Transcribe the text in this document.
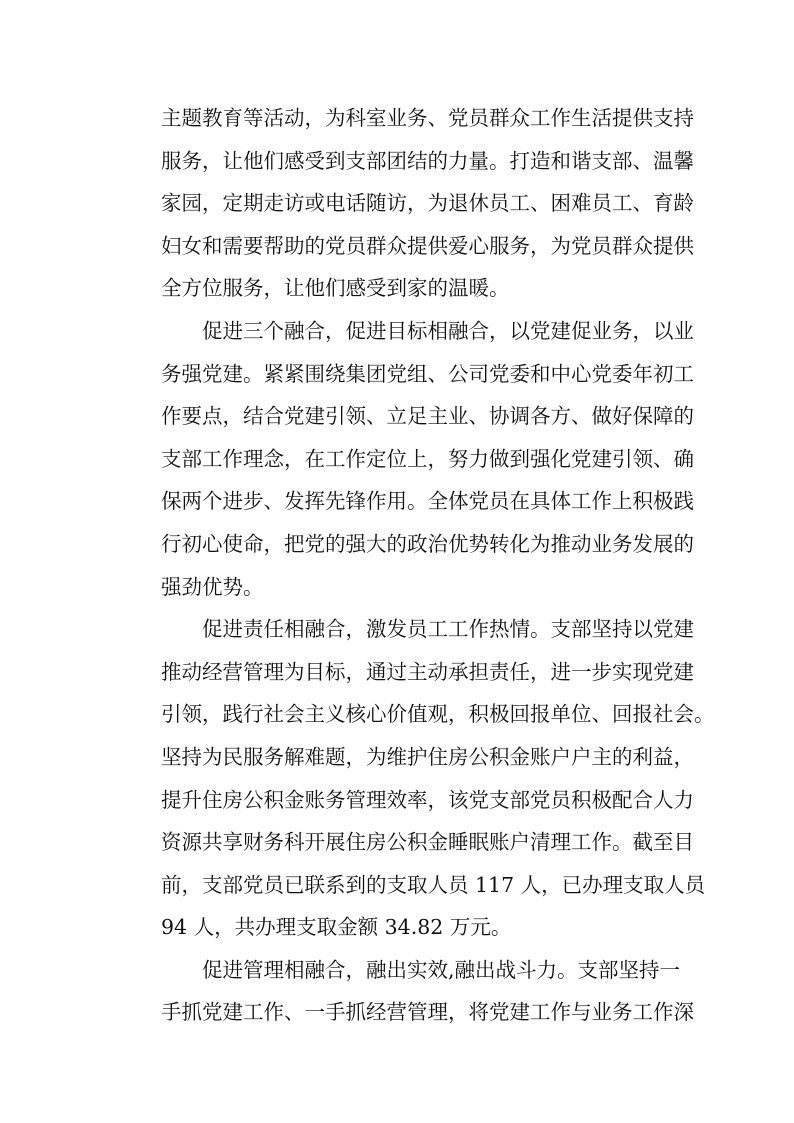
主题教育等活动，为科室业务、党员群众工作生活提供支持
服务，让他们感受到支部团结的力量。打造和谐支部、温馨
家园，定期走访或电话随访，为退休员工、困难员工、育龄
妇女和需要帮助的党员群众提供爱心服务，为党员群众提供
全方位服务，让他们感受到家的温暖。
促进三个融合，促进目标相融合，以党建促业务，以业
务强党建。紧紧围绕集团党组、公司党委和中心党委年初工
作要点，结合党建引领、立足主业、协调各方、做好保障的
支部工作理念，在工作定位上，努力做到强化党建引领、确
保两个进步、发挥先锋作用。全体党员在具体工作上积极践
行初心使命，把党的强大的政治优势转化为推动业务发展的
强劲优势。
促进责任相融合，激发员工工作热情。支部坚持以党建
推动经营管理为目标，通过主动承担责任，进一步实现党建
引领，践行社会主义核心价值观，积极回报单位、回报社会。
坚持为民服务解难题，为维护住房公积金账户户主的利益，
提升住房公积金账务管理效率，该党支部党员积极配合人力
资源共享财务科开展住房公积金睡眠账户清理工作。截至目
前，支部党员已联系到的支取人员 117 人，已办理支取人员
94 人，共办理支取金额 34.82 万元。
促进管理相融合，融出实效,融出战斗力。支部坚持一
手抓党建工作、一手抓经营管理，将党建工作与业务工作深
